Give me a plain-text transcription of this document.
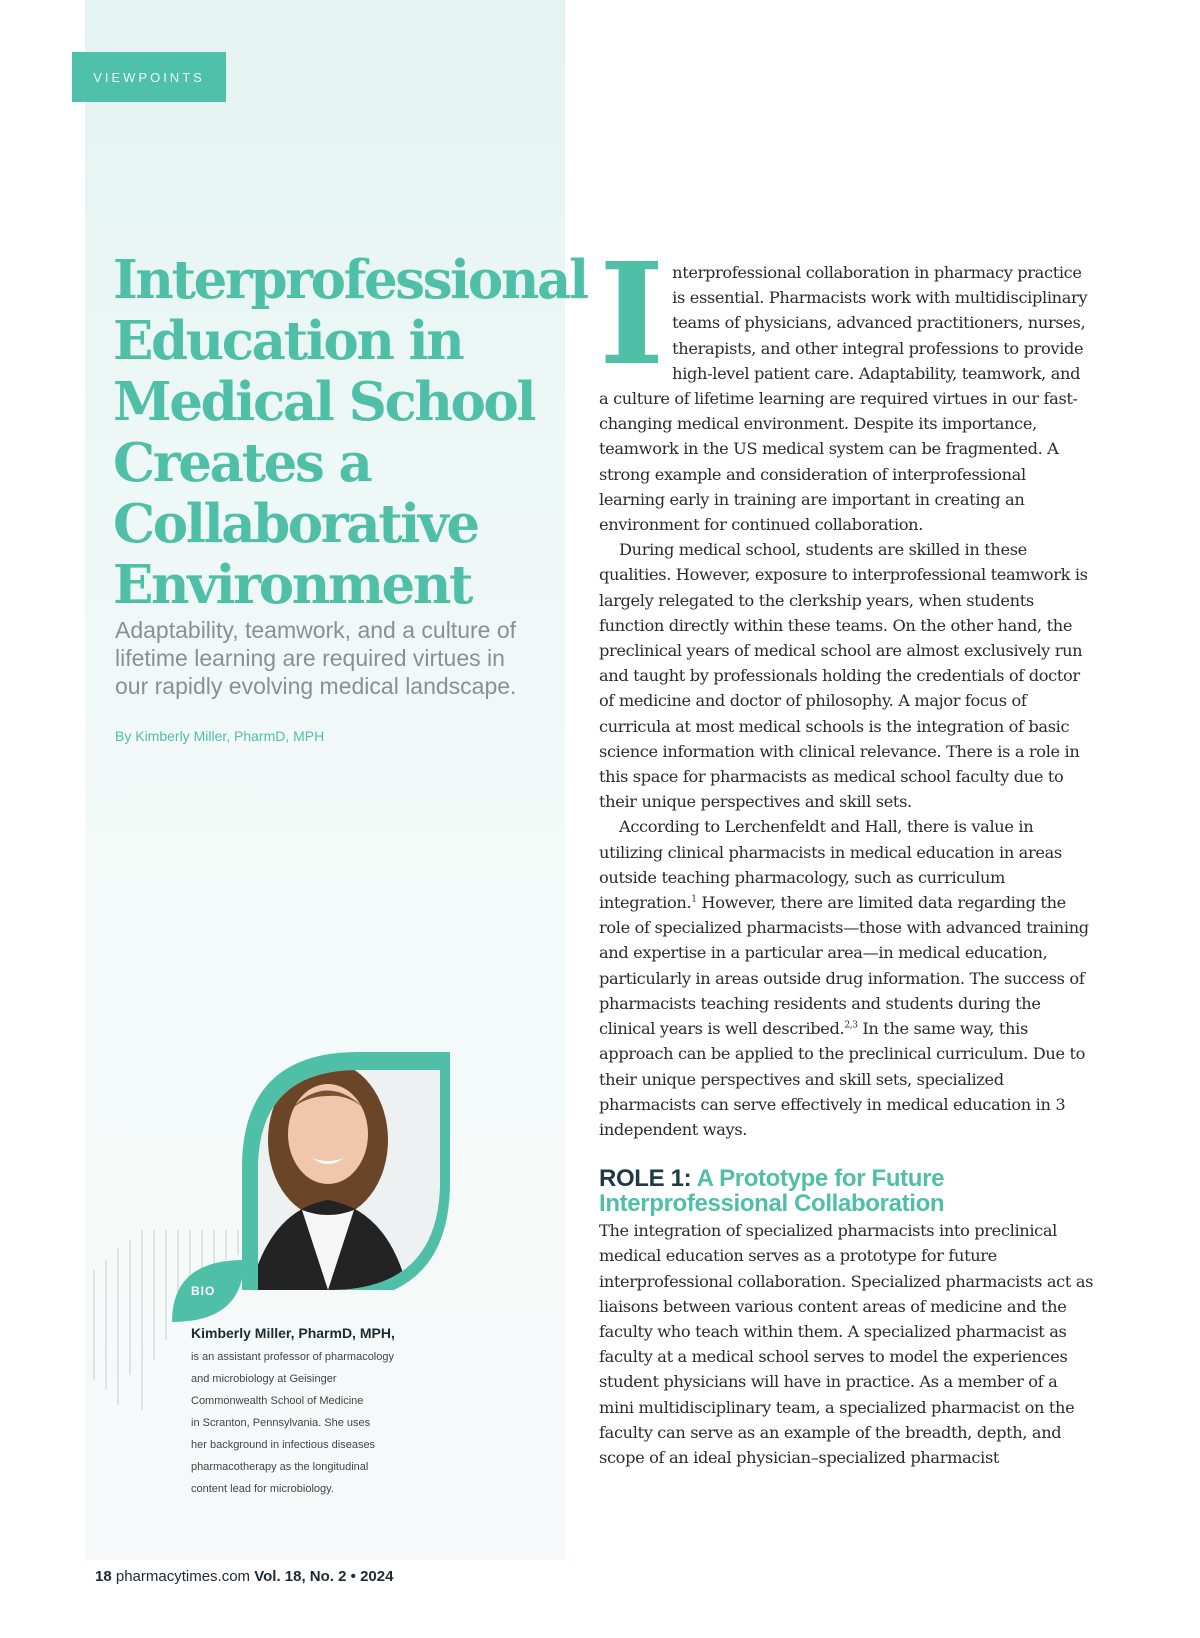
VIEWPOINTS
Interprofessional Education in Medical School Creates a Collaborative Environment

Adaptability, teamwork, and a culture of lifetime learning are required virtues in our rapidly evolving medical landscape.

By Kimberly Miller, PharmD, MPH
BIO
Kimberly Miller, PharmD, MPH,
is an assistant professor of pharmacology
and microbiology at Geisinger
Commonwealth School of Medicine
in Scranton, Pennsylvania. She uses
her background in infectious diseases
pharmacotherapy as the longitudinal
content lead for microbiology.

Interprofessional collaboration in pharmacy practice is essential. Pharmacists work with multidisciplinary teams of physicians, advanced practitioners, nurses, therapists, and other integral professions to provide high-level patient care. Adaptability, teamwork, and a culture of lifetime learning are required virtues in our fast-changing medical environment. Despite its importance, teamwork in the US medical system can be fragmented. A strong example and consideration of interprofessional learning early in training are important in creating an environment for continued collaboration.

During medical school, students are skilled in these qualities. However, exposure to interprofessional teamwork is largely relegated to the clerkship years, when students function directly within these teams. On the other hand, the preclinical years of medical school are almost exclusively run and taught by professionals holding the credentials of doctor of medicine and doctor of philosophy. A major focus of curricula at most medical schools is the integration of basic science information with clinical relevance. There is a role in this space for pharmacists as medical school faculty due to their unique perspectives and skill sets.

According to Lerchenfeldt and Hall, there is value in utilizing clinical pharmacists in medical education in areas outside teaching pharmacology, such as curriculum integration.$^1$ However, there are limited data regarding the role of specialized pharmacists—those with advanced training and expertise in a particular area—in medical education, particularly in areas outside drug information. The success of pharmacists teaching residents and students during the clinical years is well described.$^{2,3}$ In the same way, this approach can be applied to the preclinical curriculum. Due to their unique perspectives and skill sets, specialized pharmacists can serve effectively in medical education in 3 independent ways.

ROLE 1: A Prototype for Future Interprofessional Collaboration

The integration of specialized pharmacists into preclinical medical education serves as a prototype for future interprofessional collaboration. Specialized pharmacists act as liaisons between various content areas of medicine and the faculty who teach within them. A specialized pharmacist as faculty at a medical school serves to model the experiences student physicians will have in practice. As a member of a mini multidisciplinary team, a specialized pharmacist on the faculty can serve as an example of the breadth, depth, and scope of an ideal physician–specialized pharmacist

18 pharmacytimes.com Vol. 18, No. 2 • 2024
